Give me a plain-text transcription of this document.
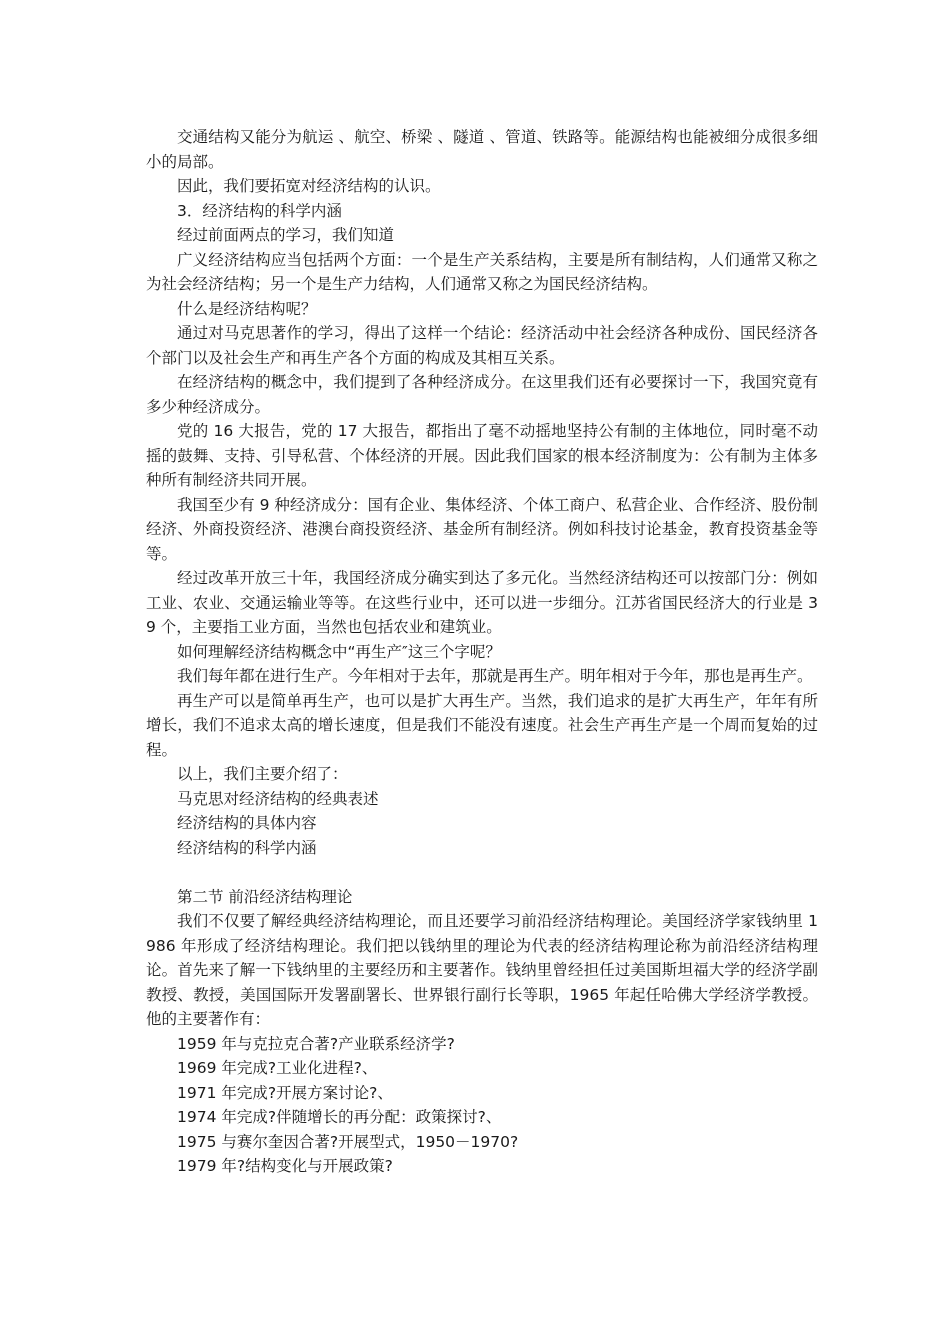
交通结构又能分为航运 、航空、桥梁 、隧道 、管道、铁路等。能源结构也能被细分成很多细小的局部。

因此，我们要拓宽对经济结构的认识。

3．经济结构的科学内涵

经过前面两点的学习，我们知道

广义经济结构应当包括两个方面：一个是生产关系结构，主要是所有制结构，人们通常又称之为社会经济结构；另一个是生产力结构，人们通常又称之为国民经济结构。

什么是经济结构呢？

通过对马克思著作的学习，得出了这样一个结论：经济活动中社会经济各种成份、国民经济各个部门以及社会生产和再生产各个方面的构成及其相互关系。

在经济结构的概念中，我们提到了各种经济成分。在这里我们还有必要探讨一下，我国究竟有多少种经济成分。

党的 16 大报告，党的 17 大报告，都指出了毫不动摇地坚持公有制的主体地位，同时毫不动摇的鼓舞、支持、引导私营、个体经济的开展。因此我们国家的根本经济制度为：公有制为主体多种所有制经济共同开展。

我国至少有 9 种经济成分：国有企业、集体经济、个体工商户、私营企业、合作经济、股份制经济、外商投资经济、港澳台商投资经济、基金所有制经济。例如科技讨论基金，教育投资基金等等。

经过改革开放三十年，我国经济成分确实到达了多元化。当然经济结构还可以按部门分：例如工业、农业、交通运输业等等。在这些行业中，还可以进一步细分。江苏省国民经济大的行业是 39 个，主要指工业方面，当然也包括农业和建筑业。

如何理解经济结构概念中“再生产″这三个字呢？

我们每年都在进行生产。今年相对于去年，那就是再生产。明年相对于今年，那也是再生产。

再生产可以是简单再生产，也可以是扩大再生产。当然，我们追求的是扩大再生产，年年有所增长，我们不追求太高的增长速度，但是我们不能没有速度。社会生产再生产是一个周而复始的过程。

以上，我们主要介绍了：

马克思对经济结构的经典表述

经济结构的具体内容

经济结构的科学内涵

第二节 前沿经济结构理论

我们不仅要了解经典经济结构理论，而且还要学习前沿经济结构理论。美国经济学家钱纳里 1986 年形成了经济结构理论。我们把以钱纳里的理论为代表的经济结构理论称为前沿经济结构理论。首先来了解一下钱纳里的主要经历和主要著作。钱纳里曾经担任过美国斯坦福大学的经济学副教授、教授，美国国际开发署副署长、世界银行副行长等职，1965 年起任哈佛大学经济学教授。他的主要著作有：

1959 年与克拉克合著?产业联系经济学?

1969 年完成?工业化进程?、

1971 年完成?开展方案讨论?、

1974 年完成?伴随增长的再分配：政策探讨?、

1975 与赛尔奎因合著?开展型式，1950－1970?

1979 年?结构变化与开展政策?
